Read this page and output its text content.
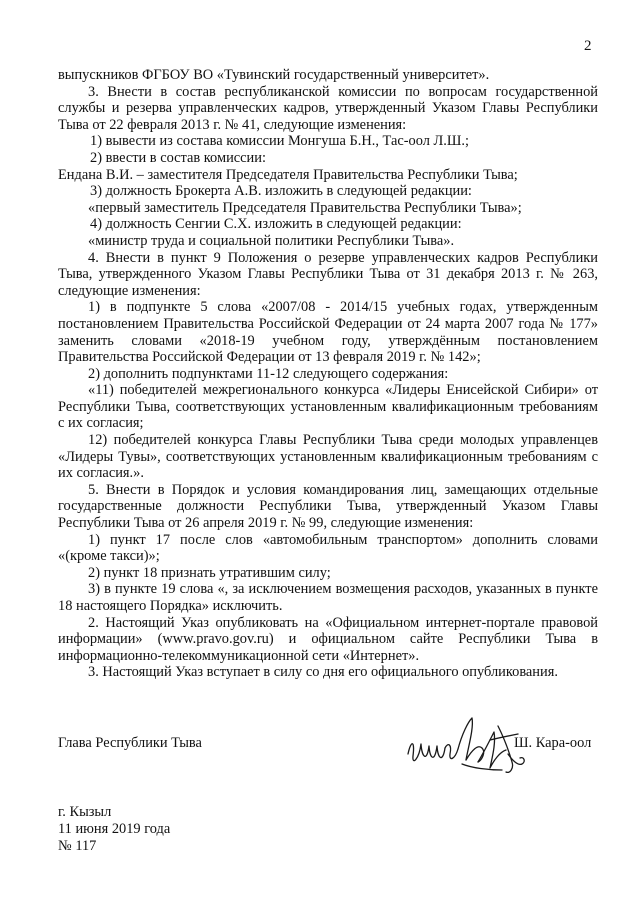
2

выпускников ФГБОУ ВО «Тувинский государственный университет».

3. Внести в состав республиканской комиссии по вопросам государственной службы и резерва управленческих кадров, утвержденный Указом Главы Республики Тыва от 22 февраля 2013 г. № 41, следующие изменения:

1) вывести из состава комиссии Монгуша Б.Н., Тас-оол Л.Ш.;

2) ввести в состав комиссии:

Ендана В.И. – заместителя Председателя Правительства Республики Тыва;

3) должность Брокерта А.В. изложить в следующей редакции:

«первый заместитель Председателя Правительства Республики Тыва»;

4) должность Сенгии С.Х. изложить в следующей редакции:

«министр труда и социальной политики Республики Тыва».

4. Внести в пункт 9 Положения о резерве управленческих кадров Республики Тыва, утвержденного Указом Главы Республики Тыва от 31 декабря 2013 г. № 263, следующие изменения:

1) в подпункте 5 слова «2007/08 - 2014/15 учебных годах, утвержденным постановлением Правительства Российской Федерации от 24 марта 2007 года № 177» заменить словами «2018-19 учебном году, утверждённым постановлением Правительства Российской Федерации от 13 февраля 2019 г. № 142»;

2) дополнить подпунктами 11-12 следующего содержания:

«11) победителей межрегионального конкурса «Лидеры Енисейской Сибири» от Республики Тыва, соответствующих установленным квалификационным требованиям с их согласия;

12) победителей конкурса Главы Республики Тыва среди молодых управленцев «Лидеры Тувы», соответствующих установленным квалификационным требованиям с их согласия.».

5. Внести в Порядок и условия командирования лиц, замещающих отдельные государственные должности Республики Тыва, утвержденный Указом Главы Республики Тыва от 26 апреля 2019 г. № 99, следующие изменения:

1) пункт 17 после слов «автомобильным транспортом» дополнить словами «(кроме такси)»;

2) пункт 18 признать утратившим силу;

3) в пункте 19 слова «, за исключением возмещения расходов, указанных в пункте 18 настоящего Порядка» исключить.

2. Настоящий Указ опубликовать на «Официальном интернет-портале правовой информации» (www.pravo.gov.ru) и официальном сайте Республики Тыва в информационно-телекоммуникационной сети «Интернет».

3. Настоящий Указ вступает в силу со дня его официального опубликования.

Глава Республики Тыва	Ш. Кара-оол
г. Кызыл
11 июня 2019 года
№ 117
